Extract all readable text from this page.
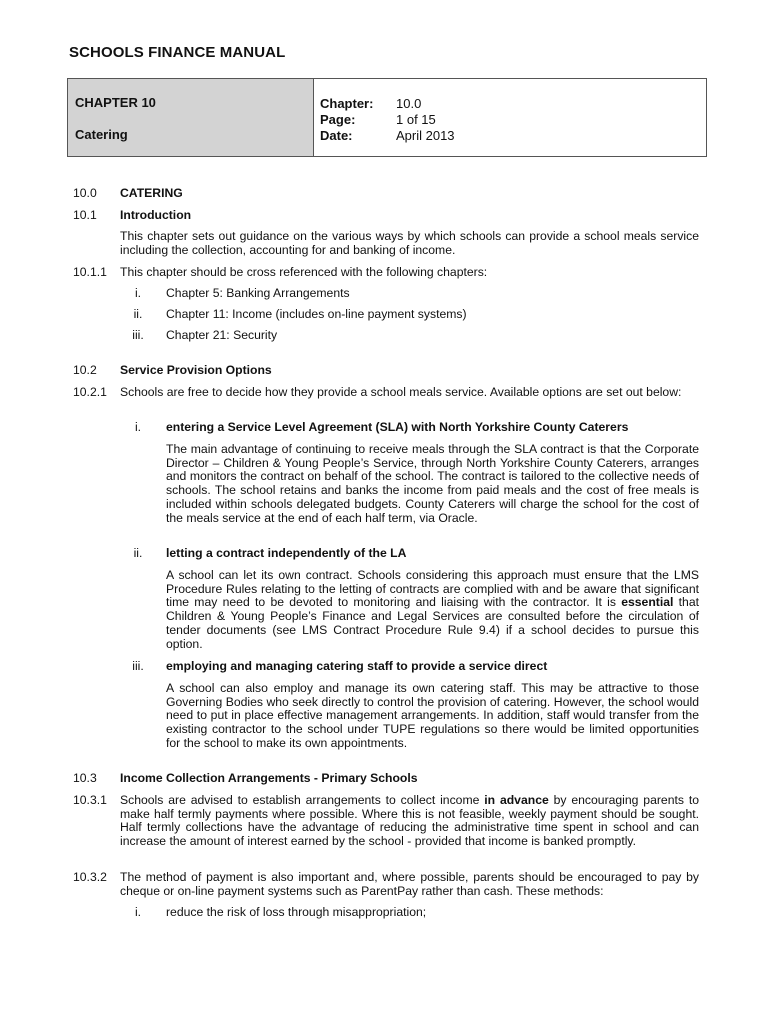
SCHOOLS FINANCE MANUAL
CHAPTER 10
Catering
Chapter:	10.0
Page:	1 of 15
Date:	April 2013
10.0 CATERING
10.1 Introduction
This chapter sets out guidance on the various ways by which schools can provide a school meals service including the collection, accounting for and banking of income.
10.1.1 This chapter should be cross referenced with the following chapters:
i.	Chapter 5: Banking Arrangements
ii.	Chapter 11: Income (includes on-line payment systems)
iii.	Chapter 21: Security
10.2 Service Provision Options
10.2.1 Schools are free to decide how they provide a school meals service. Available options are set out below:
i.	entering a Service Level Agreement (SLA) with North Yorkshire County Caterers
The main advantage of continuing to receive meals through the SLA contract is that the Corporate Director – Children & Young People’s Service, through North Yorkshire County Caterers, arranges and monitors the contract on behalf of the school. The contract is tailored to the collective needs of schools. The school retains and banks the income from paid meals and the cost of free meals is included within schools delegated budgets. County Caterers will charge the school for the cost of the meals service at the end of each half term, via Oracle.
ii.	letting a contract independently of the LA
A school can let its own contract. Schools considering this approach must ensure that the LMS Procedure Rules relating to the letting of contracts are complied with and be aware that significant time may need to be devoted to monitoring and liaising with the contractor. It is essential that Children & Young People’s Finance and Legal Services are consulted before the circulation of tender documents (see LMS Contract Procedure Rule 9.4) if a school decides to pursue this option.
iii.	employing and managing catering staff to provide a service direct
A school can also employ and manage its own catering staff. This may be attractive to those Governing Bodies who seek directly to control the provision of catering. However, the school would need to put in place effective management arrangements. In addition, staff would transfer from the existing contractor to the school under TUPE regulations so there would be limited opportunities for the school to make its own appointments.
10.3 Income Collection Arrangements - Primary Schools
10.3.1 Schools are advised to establish arrangements to collect income in advance by encouraging parents to make half termly payments where possible. Where this is not feasible, weekly payment should be sought. Half termly collections have the advantage of reducing the administrative time spent in school and can increase the amount of interest earned by the school - provided that income is banked promptly.
10.3.2 The method of payment is also important and, where possible, parents should be encouraged to pay by cheque or on-line payment systems such as ParentPay rather than cash. These methods:
i.	reduce the risk of loss through misappropriation;
